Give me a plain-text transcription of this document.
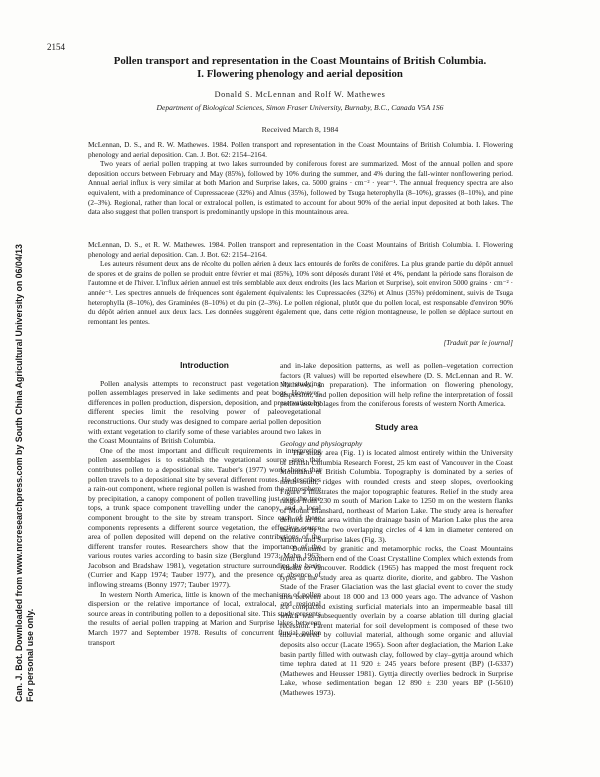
2154
Pollen transport and representation in the Coast Mountains of British Columbia.
I. Flowering phenology and aerial deposition
Donald S. McLennan and Rolf W. Mathewes
Department of Biological Sciences, Simon Fraser University, Burnaby, B.C., Canada V5A 1S6
Received March 8, 1984

McLennan, D. S., and R. W. Mathewes. 1984. Pollen transport and representation in the Coast Mountains of British Columbia. I. Flowering phenology and aerial deposition. Can. J. Bot. 62: 2154–2164.

Two years of aerial pollen trapping at two lakes surrounded by coniferous forest are summarized. Most of the annual pollen and spore deposition occurs between February and May (85%), followed by 10% during the summer, and 4% during the fall-winter nonflowering period. Annual aerial influx is very similar at both Marion and Surprise lakes, ca. 5000 grains · cm⁻² · year⁻¹. The annual frequency spectra are also equivalent, with a predominance of Cupressaceae (32%) and Alnus (35%), followed by Tsuga heterophylla (8–10%), grasses (8–10%), and pine (2–3%). Regional, rather than local or extralocal pollen, is estimated to account for about 90% of the aerial input deposited at both lakes. The data also suggest that pollen transport is predominantly upslope in this mountainous area.

McLennan, D. S., et R. W. Mathewes. 1984. Pollen transport and representation in the Coast Mountains of British Columbia. I. Flowering phenology and aerial deposition. Can. J. Bot. 62: 2154–2164.

Les auteurs résument deux ans de récolte du pollen aérien à deux lacs entourés de forêts de conifères. La plus grande partie du dépôt annuel de spores et de grains de pollen se produit entre février et mai (85%), 10% sont déposés durant l'été et 4%, pendant la période sans floraison de l'automne et de l'hiver. L'influx aérien annuel est très semblable aux deux endroits (les lacs Marion et Surprise), soit environ 5000 grains · cm⁻² · année⁻¹. Les spectres annuels de fréquences sont également équivalents: les Cupressacées (32%) et Alnus (35%) prédominent, suivis de Tsuga heterophylla (8–10%), des Graminées (8–10%) et du pin (2–3%). Le pollen régional, plutôt que du pollen local, est responsable d'environ 90% du dépôt aérien annuel aux deux lacs. Les données suggèrent également que, dans cette région montagneuse, le pollen se déplace surtout en remontant les pentes.

[Traduit par le journal]
Introduction

Pollen analysis attempts to reconstruct past vegetation by studying pollen assemblages preserved in lake sediments and peat bogs. However, differences in pollen production, dispersion, deposition, and preservation by different species limit the resolving power of paleovegetational reconstructions. Our study was designed to compare aerial pollen deposition with extant vegetation to clarify some of these variables around two lakes in the Coast Mountains of British Columbia.

One of the most important and difficult requirements in interpreting pollen assemblages is to establish the vegetational source area that contributes pollen to a depositional site. Tauber's (1977) work shows that pollen travels to a depositional site by several different routes. He describes a rain-out component, where regional pollen is washed from the atmosphere by precipitation, a canopy component of pollen travelling just over the tree tops, a trunk space component travelling under the canopy, and a local component brought to the site by stream transport. Since each of these components represents a different source vegetation, the effective source area of pollen deposited will depend on the relative contributions of the different transfer routes. Researchers show that the importance of the various routes varies according to basin size (Berglund 1973; Mahn 1963; Jacobson and Bradshaw 1981), vegetation structure surrounding the basin (Currier and Kapp 1974; Tauber 1977), and the presence or absence of inflowing streams (Bonny 1977; Tauber 1977).

In western North America, little is known of the mechanisms of pollen dispersion or the relative importance of local, extralocal, and regional source areas in contributing pollen to a depositional site. This study presents the results of aerial pollen trapping at Marion and Surprise lakes between March 1977 and September 1978. Results of concurrent fluvial pollen transport

and in-lake deposition patterns, as well as pollen–vegetation correction factors (R values) will be reported elsewhere (D. S. McLennan and R. W. Mathewes, in preparation). The information on flowering phenology, dispersion, and pollen deposition will help refine the interpretation of fossil pollen assemblages from the coniferous forests of western North America.

Study area
Geology and physiography

The study area (Fig. 1) is located almost entirely within the University of British Columbia Research Forest, 25 km east of Vancouver in the Coast Mountains of British Columbia. Topography is dominated by a series of north–south, ridges with rounded crests and steep slopes, overlooking Figure 2 illustrates the major topographic features. Relief in the study area ranges from 230 m south of Marion Lake to 1250 m on the western flanks of Mount Blanshard, northeast of Marion Lake. The study area is hereafter defined as that area within the drainage basin of Marion Lake plus the area included by the two overlapping circles of 4 km in diameter centered on Marion and Surprise lakes (Fig. 3).

Dominated by granitic and metamorphic rocks, the Coast Mountains form the southern end of the Coast Crystalline Complex which extends from Alaska to Vancouver. Roddick (1965) has mapped the most frequent rock types in the study area as quartz diorite, diorite, and gabbro. The Vashon Stade of the Fraser Glaciation was the last glacial event to cover the study area between about 18 000 and 13 000 years ago. The advance of Vashon ice compacted existing surficial materials into an impermeable basal till which was subsequently overlain by a coarse ablation till during glacial recession. Parent material for soil development is composed of these two tills covered by colluvial material, although some organic and alluvial deposits also occur (Lacate 1965). Soon after deglaciation, the Marion Lake basin partly filled with outwash clay, followed by clay–gyttja around which time tephra dated at 11 920 ± 245 years before present (BP) (I-6337) (Mathewes and Heusser 1981). Gyttja directly overlies bedrock in Surprise Lake, whose sedimentation began 12 890 ± 230 years BP (I-5610) (Mathewes 1973).

Can. J. Bot. Downloaded from www.nrcresearchpress.com by South China Agricultural University on 06/04/13 For personal use only.
